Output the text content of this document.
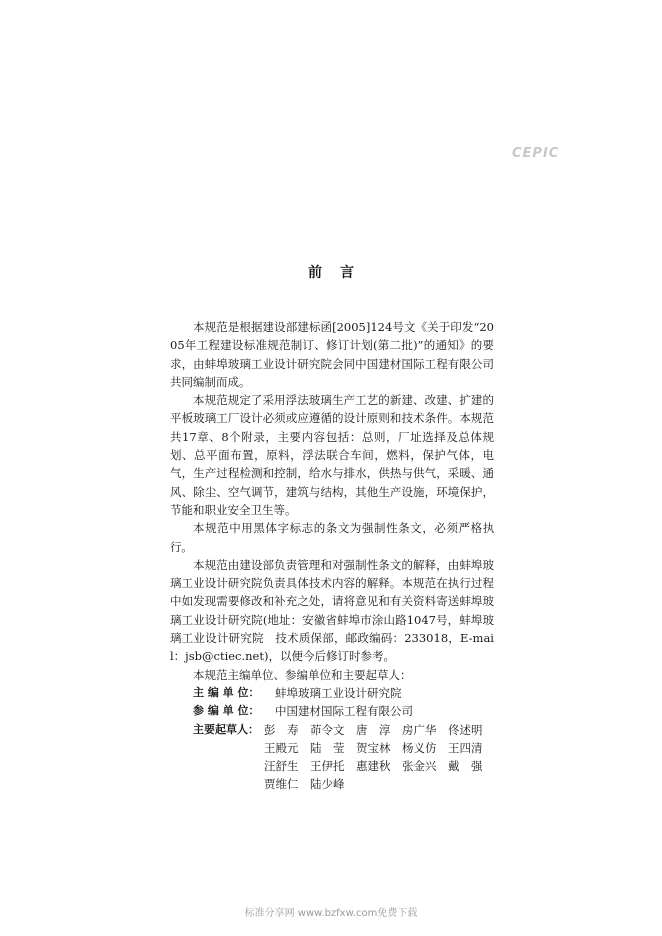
CEPIC
前言

本规范是根据建设部建标函[2005]124号文《关于印发“2005年工程建设标准规范制订、修订计划(第二批)”的通知》的要求，由蚌埠玻璃工业设计研究院会同中国建材国际工程有限公司共同编制而成。

本规范规定了采用浮法玻璃生产工艺的新建、改建、扩建的平板玻璃工厂设计必须或应遵循的设计原则和技术条件。本规范共17章、8个附录，主要内容包括：总则，厂址选择及总体规划、总平面布置，原料，浮法联合车间，燃料，保护气体，电气，生产过程检测和控制，给水与排水，供热与供气，采暖、通风、除尘、空气调节，建筑与结构，其他生产设施，环境保护，节能和职业安全卫生等。

本规范中用黑体字标志的条文为强制性条文，必须严格执行。

本规范由建设部负责管理和对强制性条文的解释，由蚌埠玻璃工业设计研究院负责具体技术内容的解释。本规范在执行过程中如发现需要修改和补充之处，请将意见和有关资料寄送蚌埠玻璃工业设计研究院(地址：安徽省蚌埠市涂山路1047号，蚌埠玻璃工业设计研究院　技术质保部，邮政编码：233018，E-mail：jsb@ctiec.net)，以便今后修订时参考。

本规范主编单位、参编单位和主要起草人：

主 编 单 位：	蚌埠玻璃工业设计研究院
参 编 单 位：	中国建材国际工程有限公司
主要起草人： 彭　寿	茆令文	唐　淳	房广华	佟述明
王殿元	陆　莹	贺宝林	杨义仿	王四清
汪舒生	王伊托	惠建秋	张金兴	戴　强
贾维仁	陆少峰
标准分享网 www.bzfxw.com免费下载
